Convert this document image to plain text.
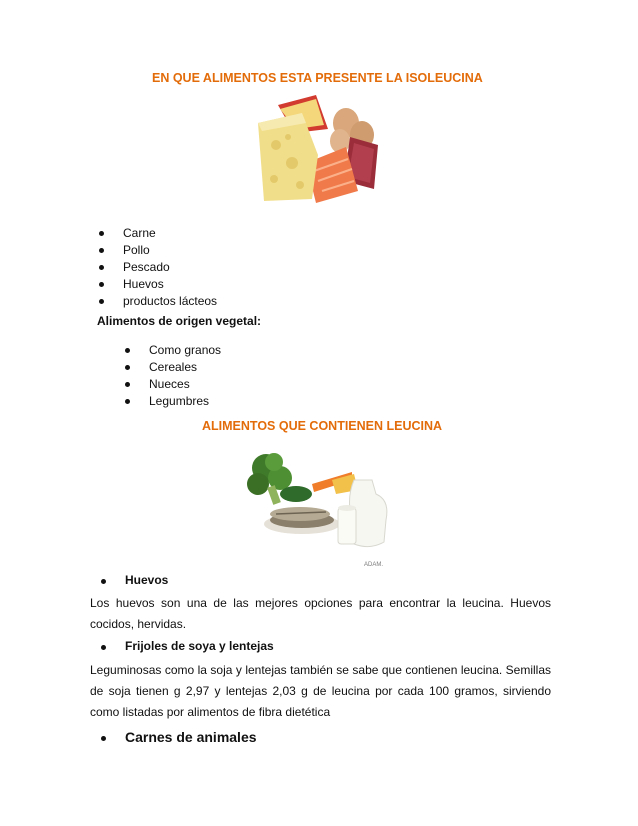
EN QUE ALIMENTOS ESTA PRESENTE LA ISOLEUCINA
Carne
Pollo
Pescado
Huevos
productos lácteos
Alimentos de origen vegetal:
Como granos
Cereales
Nueces
Legumbres
ALIMENTOS QUE CONTIENEN LEUCINA
ADAM.
Huevos
Los huevos son una de las mejores opciones para encontrar la leucina. Huevos cocidos, hervidas.
Frijoles de soya y lentejas
Leguminosas como la soja y lentejas también se sabe que contienen leucina. Semillas de soja tienen g 2,97 y lentejas 2,03 g de leucina por cada 100 gramos, sirviendo como listadas por alimentos de fibra dietética
Carnes de animales
